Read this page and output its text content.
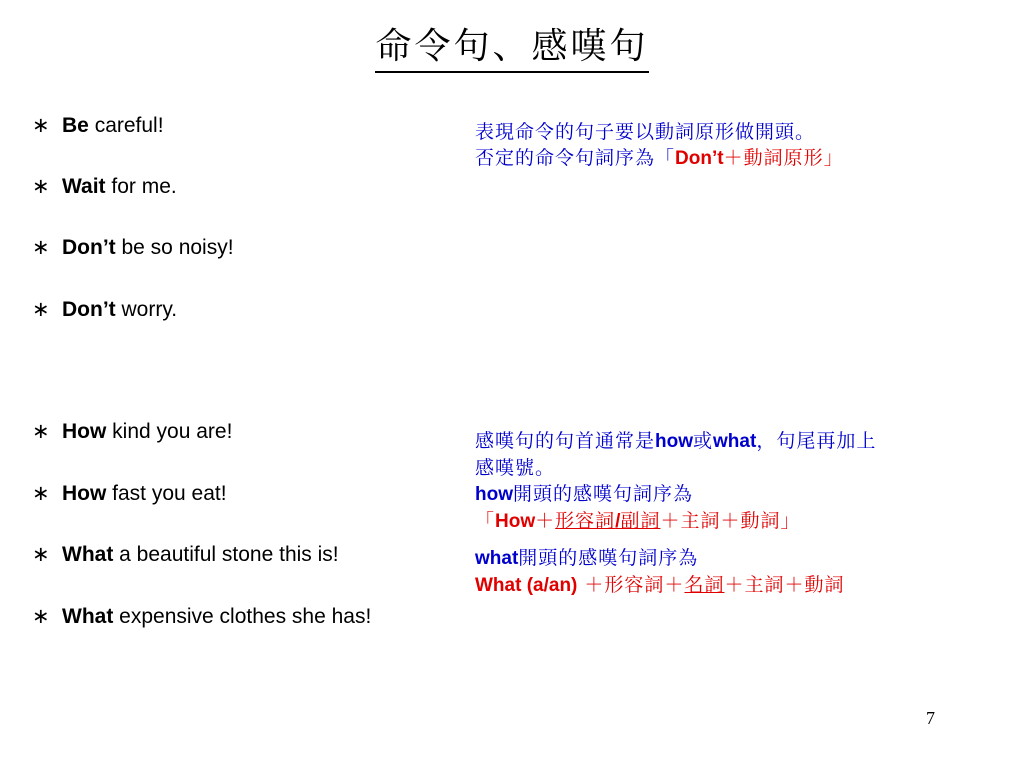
命令句、感嘆句
∗ Be careful!
∗ Wait for me.
∗ Don’t be so noisy!
∗ Don’t worry.
∗ How kind you are!
∗ How fast you eat!
∗ What a beautiful stone this is!
∗ What expensive clothes she has!
表現命令的句子要以動詞原形做開頭。
否定的命令句詞序為「Don’t＋動詞原形」
感嘆句的句首通常是how或what，句尾再加上
感嘆號。
how開頭的感嘆句詞序為
「How＋形容詞/副詞＋主詞＋動詞」
what開頭的感嘆句詞序為
What (a/an) ＋形容詞＋名詞＋主詞＋動詞
7
